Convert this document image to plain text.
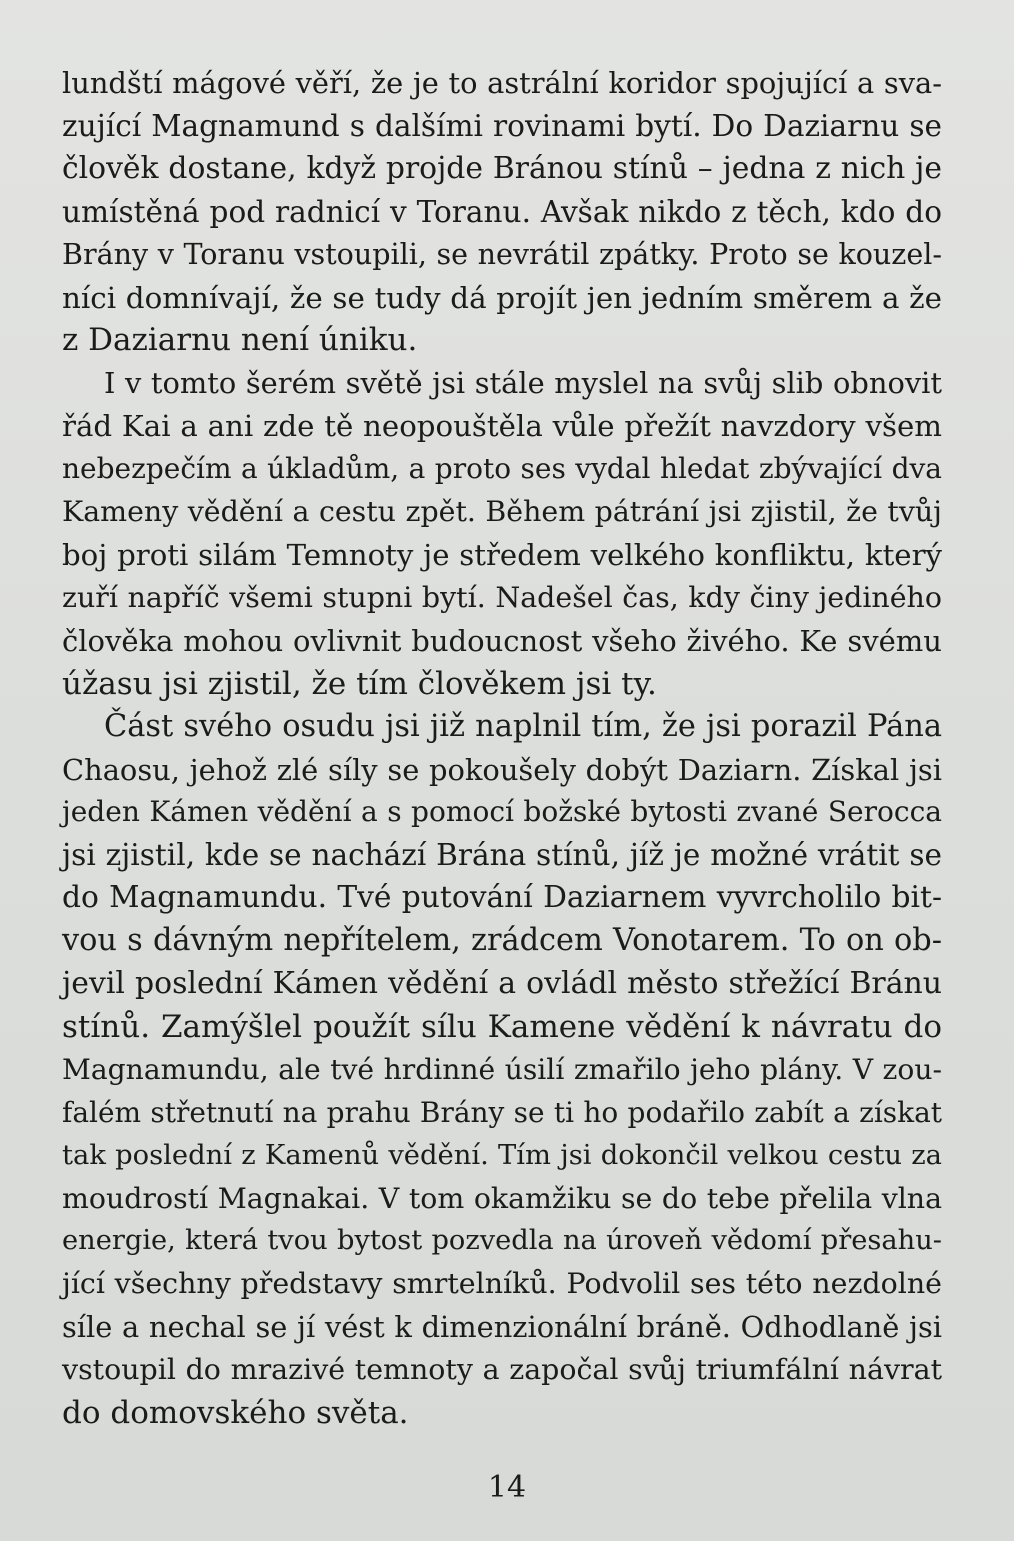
lundští mágové věří, že je to astrální koridor spojující a sva-
zující Magnamund s dalšími rovinami bytí. Do Daziarnu se
člověk dostane, když projde Bránou stínů – jedna z nich je
umístěná pod radnicí v Toranu. Avšak nikdo z těch, kdo do
Brány v Toranu vstoupili, se nevrátil zpátky. Proto se kouzel-
níci domnívají, že se tudy dá projít jen jedním směrem a že
z Daziarnu není úniku.
I v tomto šerém světě jsi stále myslel na svůj slib obnovit
řád Kai a ani zde tě neopouštěla vůle přežít navzdory všem
nebezpečím a úkladům, a proto ses vydal hledat zbývající dva
Kameny vědění a cestu zpět. Během pátrání jsi zjistil, že tvůj
boj proti silám Temnoty je středem velkého konfliktu, který
zuří napříč všemi stupni bytí. Nadešel čas, kdy činy jediného
člověka mohou ovlivnit budoucnost všeho živého. Ke svému
úžasu jsi zjistil, že tím člověkem jsi ty.
Část svého osudu jsi již naplnil tím, že jsi porazil Pána
Chaosu, jehož zlé síly se pokoušely dobýt Daziarn. Získal jsi
jeden Kámen vědění a s pomocí božské bytosti zvané Serocca
jsi zjistil, kde se nachází Brána stínů, jíž je možné vrátit se
do Magnamundu. Tvé putování Daziarnem vyvrcholilo bit-
vou s dávným nepřítelem, zrádcem Vonotarem. To on ob-
jevil poslední Kámen vědění a ovládl město střežící Bránu
stínů. Zamýšlel použít sílu Kamene vědění k návratu do
Magnamundu, ale tvé hrdinné úsilí zmařilo jeho plány. V zou-
falém střetnutí na prahu Brány se ti ho podařilo zabít a získat
tak poslední z Kamenů vědění. Tím jsi dokončil velkou cestu za
moudrostí Magnakai. V tom okamžiku se do tebe přelila vlna
energie, která tvou bytost pozvedla na úroveň vědomí přesahu-
jící všechny představy smrtelníků. Podvolil ses této nezdolné
síle a nechal se jí vést k dimenzionální bráně. Odhodlaně jsi
vstoupil do mrazivé temnoty a započal svůj triumfální návrat
do domovského světa.
14
